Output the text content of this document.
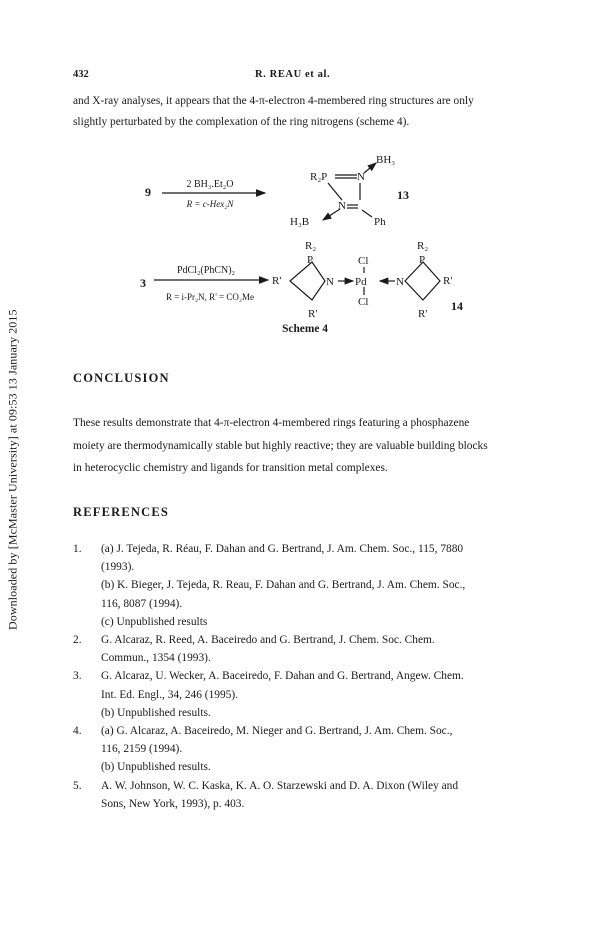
Downloaded by [McMaster University] at 09:53 13 January 2015
432	R. REAU et al.
and X-ray analyses, it appears that the 4-π-electron 4-membered ring structures are only
slightly perturbated by the complexation of the ring nitrogens (scheme 4).
9
2 BH₃.Et₂O
R = c-Hex₂N
R₂P	N
N
BH₃
H₃B	Ph
13
3
PdCl₂(PhCN)₂
R = i-Pr₂N, R' = CO₂Me
R₂
P
R'
R'
N Pd
Cl
Cl
N
R₂
P
R'
R'
14
Scheme 4
CONCLUSION
These results demonstrate that 4-π-electron 4-membered rings featuring a phosphazene
moiety are thermodynamically stable but highly reactive; they are valuable building blocks
in heterocyclic chemistry and ligands for transition metal complexes.
REFERENCES
1.	(a) J. Tejeda, R. Réau, F. Dahan and G. Bertrand, J. Am. Chem. Soc., 115, 7880
(1993).
(b) K. Bieger, J. Tejeda, R. Reau, F. Dahan and G. Bertrand, J. Am. Chem. Soc.,
116, 8087 (1994).
(c) Unpublished results
2.	G. Alcaraz, R. Reed, A. Baceiredo and G. Bertrand, J. Chem. Soc. Chem.
Commun., 1354 (1993).
3.	G. Alcaraz, U. Wecker, A. Baceiredo, F. Dahan and G. Bertrand, Angew. Chem.
Int. Ed. Engl., 34, 246 (1995).
(b) Unpublished results.
4.	(a) G. Alcaraz, A. Baceiredo, M. Nieger and G. Bertrand, J. Am. Chem. Soc.,
116, 2159 (1994).
(b) Unpublished results.
5.	A. W. Johnson, W. C. Kaska, K. A. O. Starzewski and D. A. Dixon (Wiley and
Sons, New York, 1993), p. 403.
